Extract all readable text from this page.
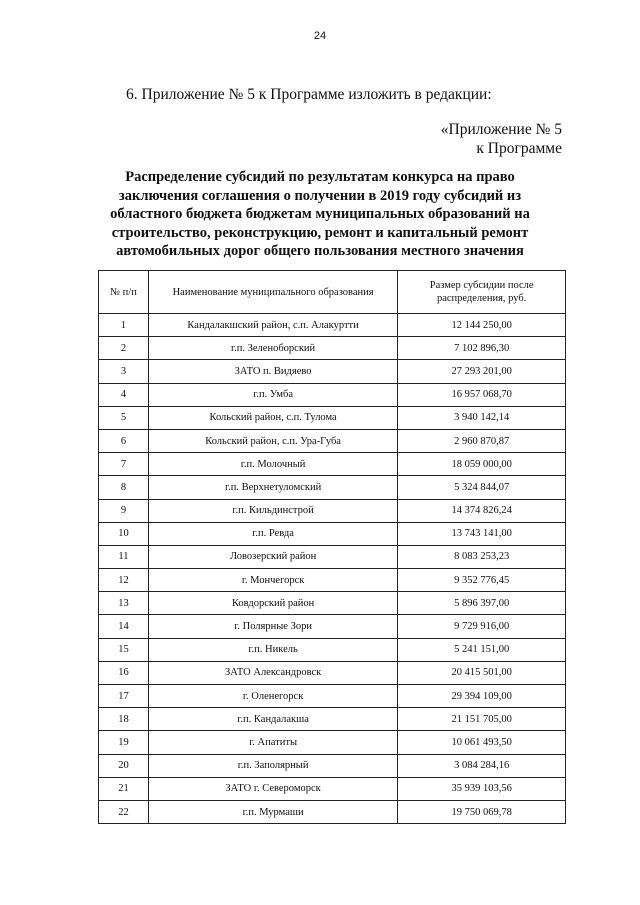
24
6. Приложение № 5 к Программе изложить в редакции:
«Приложение № 5
к Программе
Распределение субсидий по результатам конкурса на право
заключения соглашения о получении в 2019 году субсидий из
областного бюджета бюджетам муниципальных образований на
строительство, реконструкцию, ремонт и капитальный ремонт
автомобильных дорог общего пользования местного значения
№ п/п	Наименование муниципального образования	Размер субсидии после распределения, руб.
1	Кандалакшский район, с.п. Алакуртти	12 144 250,00
2	г.п. Зеленоборский	7 102 896,30
3	ЗАТО п. Видяево	27 293 201,00
4	г.п. Умба	16 957 068,70
5	Кольский район, с.п. Тулома	3 940 142,14
6	Кольский район, с.п. Ура-Губа	2 960 870,87
7	г.п. Молочный	18 059 000,00
8	г.п. Верхнетуломский	5 324 844,07
9	г.п. Кильдинстрой	14 374 826,24
10	г.п. Ревда	13 743 141,00
11	Ловозерский район	8 083 253,23
12	г. Мончегорск	9 352 776,45
13	Ковдорский район	5 896 397,00
14	г. Полярные Зори	9 729 916,00
15	г.п. Никель	5 241 151,00
16	ЗАТО Александровск	20 415 501,00
17	г. Оленегорск	29 394 109,00
18	г.п. Кандалакша	21 151 705,00
19	г. Апатиты	10 061 493,50
20	г.п. Заполярный	3 084 284,16
21	ЗАТО г. Североморск	35 939 103,56
22	г.п. Мурмаши	19 750 069,78
